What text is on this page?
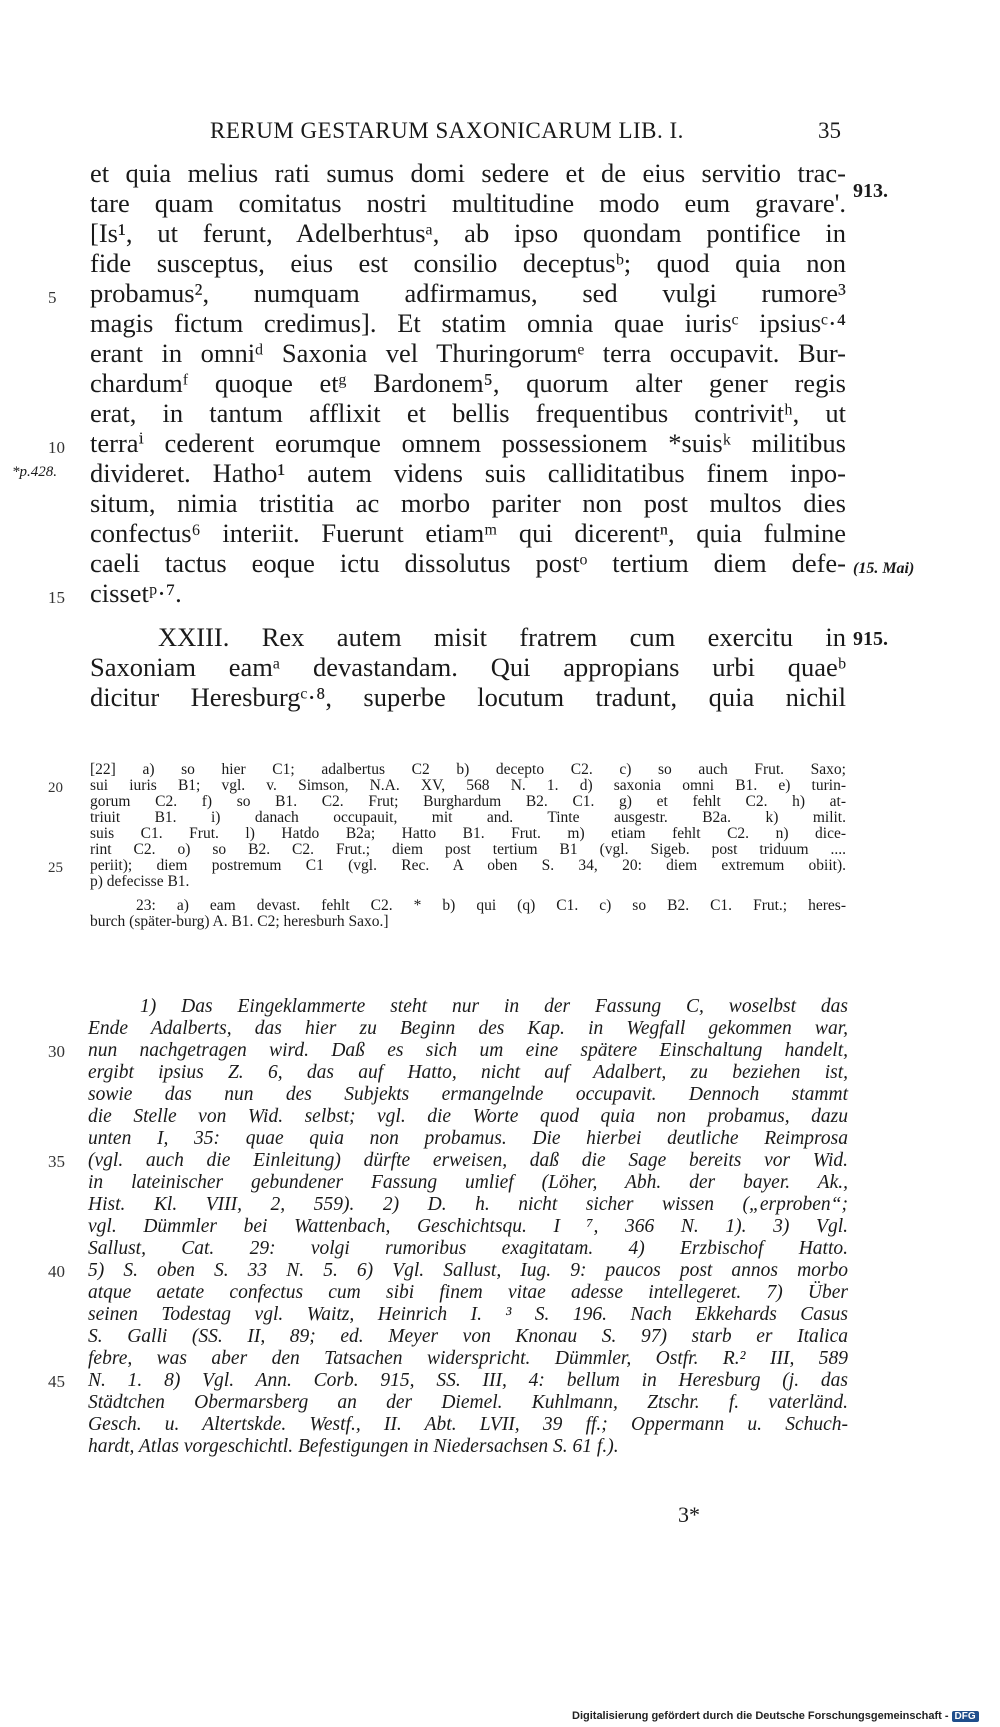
RERUM GESTARUM SAXONICARUM LIB. I.	35
et quia melius rati sumus domi sedere et de eius servitio trac-
tare quam comitatus nostri multitudine modo eum gravare'.
[Is¹, ut ferunt, Adelberhtusᵃ, ab ipso quondam pontifice in
fide susceptus, eius est consilio deceptusᵇ; quod quia non
probamus², numquam adfirmamus, sed vulgi rumore³
magis fictum credimus]. Et statim omnia quae iurisᶜ ipsiusᶜ·⁴
erant in omniᵈ Saxonia vel Thuringorumᵉ terra occupavit. Bur-
chardumᶠ quoque etᵍ Bardonem⁵, quorum alter gener regis
erat, in tantum afflixit et bellis frequentibus contrivitʰ, ut
terraⁱ cederent eorumque omnem possessionem *suisᵏ militibus
divideret. Hatho¹ autem videns suis calliditatibus finem inpo-
situm, nimia tristitia ac morbo pariter non post multos dies
confectus⁶ interiit. Fuerunt etiamᵐ qui dicerentⁿ, quia fulmine
caeli tactus eoque ictu dissolutus postᵒ tertium diem defe-
cissetᵖ·⁷.
XXIII. Rex autem misit fratrem cum exercitu in
Saxoniam eamᵃ devastandam. Qui appropians urbi quaeᵇ
dicitur Heresburgᶜ·⁸, superbe locutum tradunt, quia nichil
5
10
15
913.
(15. Mai)
915.
*p.428.
[22] a) so hier C1; adalbertus C2 b) decepto C2. c) so auch Frut. Saxo;
sui iuris B1; vgl. v. Simson, N.A. XV, 568 N. 1. d) saxonia omni B1. e) turin-
gorum C2. f) so B1. C2. Frut; Burghardum B2. C1. g) et fehlt C2. h) at-
triuit B1. i) danach occupauit, mit and. Tinte ausgestr. B2a. k) milit.
suis C1. Frut. l) Hatdo B2a; Hatto B1. Frut. m) etiam fehlt C2. n) dice-
rint C2. o) so B2. C2. Frut.; diem post tertium B1 (vgl. Sigeb. post triduum ....
periit); diem postremum C1 (vgl. Rec. A oben S. 34, 20: diem extremum obiit).
p) defecisse B1.
23: a) eam devast. fehlt C2. * b) qui (q) C1. c) so B2. C1. Frut.; heres-
burch (später-burg) A. B1. C2; heresburh Saxo.]
20
25
1) Das Eingeklammerte steht nur in der Fassung C, woselbst das
Ende Adalberts, das hier zu Beginn des Kap. in Wegfall gekommen war,
nun nachgetragen wird. Daß es sich um eine spätere Einschaltung handelt,
ergibt ipsius Z. 6, das auf Hatto, nicht auf Adalbert, zu beziehen ist,
sowie das nun des Subjekts ermangelnde occupavit. Dennoch stammt
die Stelle von Wid. selbst; vgl. die Worte quod quia non probamus, dazu
unten I, 35: quae quia non probamus. Die hierbei deutliche Reimprosa
(vgl. auch die Einleitung) dürfte erweisen, daß die Sage bereits vor Wid.
in lateinischer gebundener Fassung umlief (Löher, Abh. der bayer. Ak.,
Hist. Kl. VIII, 2, 559). 2) D. h. nicht sicher wissen („erproben“;
vgl. Dümmler bei Wattenbach, Geschichtsqu. I ⁷, 366 N. 1). 3) Vgl.
Sallust, Cat. 29: volgi rumoribus exagitatam. 4) Erzbischof Hatto.
5) S. oben S. 33 N. 5. 6) Vgl. Sallust, Iug. 9: paucos post annos morbo
atque aetate confectus cum sibi finem vitae adesse intellegeret. 7) Über
seinen Todestag vgl. Waitz, Heinrich I. ³ S. 196. Nach Ekkehards Casus
S. Galli (SS. II, 89; ed. Meyer von Knonau S. 97) starb er Italica
febre, was aber den Tatsachen widerspricht. Dümmler, Ostfr. R.² III, 589
N. 1. 8) Vgl. Ann. Corb. 915, SS. III, 4: bellum in Heresburg (j. das
Städtchen Obermarsberg an der Diemel. Kuhlmann, Ztschr. f. vaterländ.
Gesch. u. Altertskde. Westf., II. Abt. LVII, 39 ff.; Oppermann u. Schuch-
hardt, Atlas vorgeschichtl. Befestigungen in Niedersachsen S. 61 f.).
30
35
40
45
3*
Digitalisierung gefördert durch die Deutsche Forschungsgemeinschaft - DFG
